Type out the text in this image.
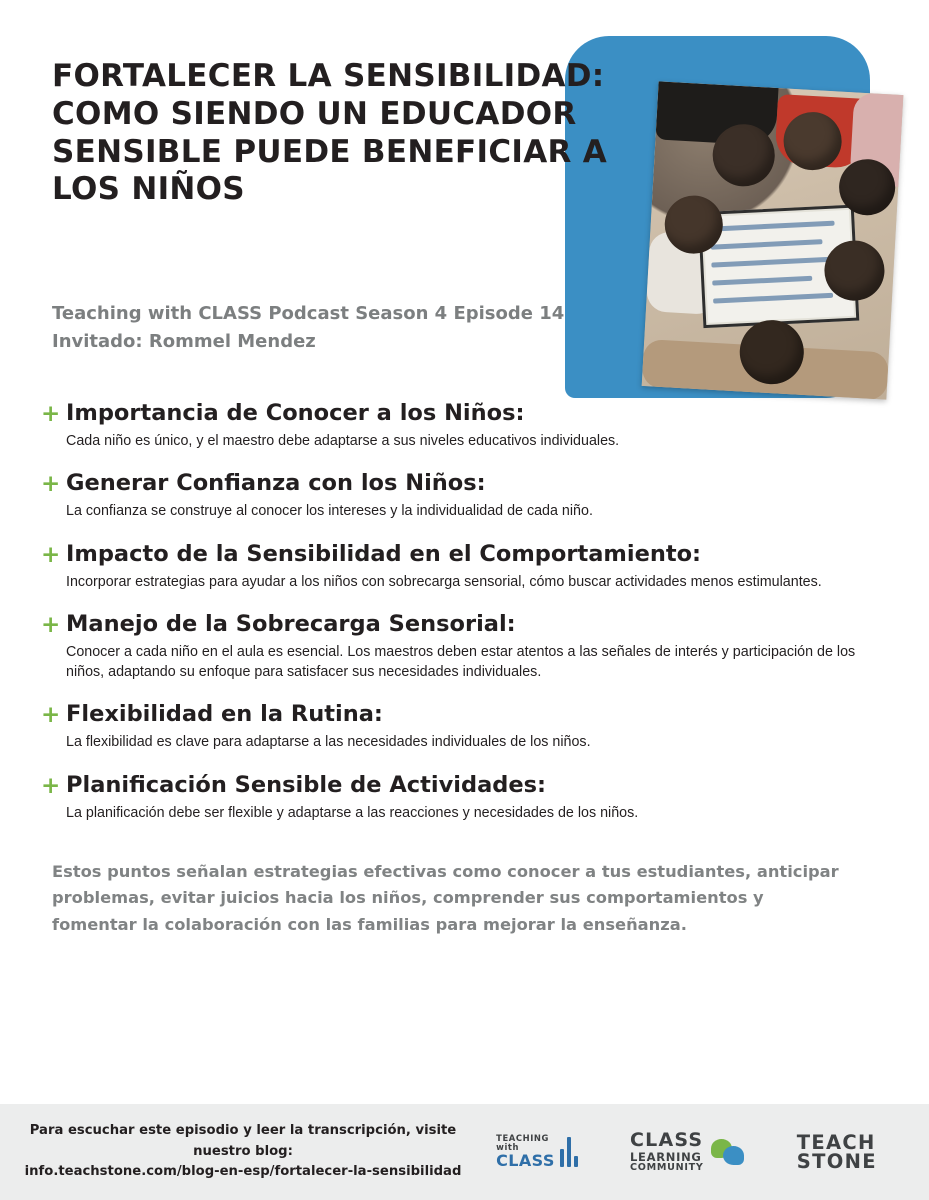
FORTALECER LA SENSIBILIDAD: COMO SIENDO UN EDUCADOR SENSIBLE PUEDE BENEFICIAR A LOS NIÑOS

Teaching with CLASS Podcast Season 4 Episode 14

Invitado: Rommel Mendez

+ Importancia de Conocer a los Niños:

Cada niño es único, y el maestro debe adaptarse a sus niveles educativos individuales.

+ Generar Confianza con los Niños:

La confianza se construye al conocer los intereses y la individualidad de cada niño.

+ Impacto de la Sensibilidad en el Comportamiento:

Incorporar estrategias para ayudar a los niños con sobrecarga sensorial, cómo buscar actividades menos estimulantes.

+ Manejo de la Sobrecarga Sensorial:

Conocer a cada niño en el aula es esencial. Los maestros deben estar atentos a las señales de interés y participación de los niños, adaptando su enfoque para satisfacer sus necesidades individuales.

+ Flexibilidad en la Rutina:

La flexibilidad es clave para adaptarse a las necesidades individuales de los niños.

+ Planificación Sensible de Actividades:

La planificación debe ser flexible y adaptarse a las reacciones y necesidades de los niños.

Estos puntos señalan estrategias efectivas como conocer a tus estudiantes, anticipar problemas, evitar juicios hacia los niños, comprender sus comportamientos y fomentar la colaboración con las familias para mejorar la enseñanza.

Para escuchar este episodio y leer la transcripción, visite
nuestro blog:
info.teachstone.com/blog-en-esp/fortalecer-la-sensibilidad
TEACHING
with
CLASS
CLASS
LEARNING
COMMUNITY
TEACH
STONE
